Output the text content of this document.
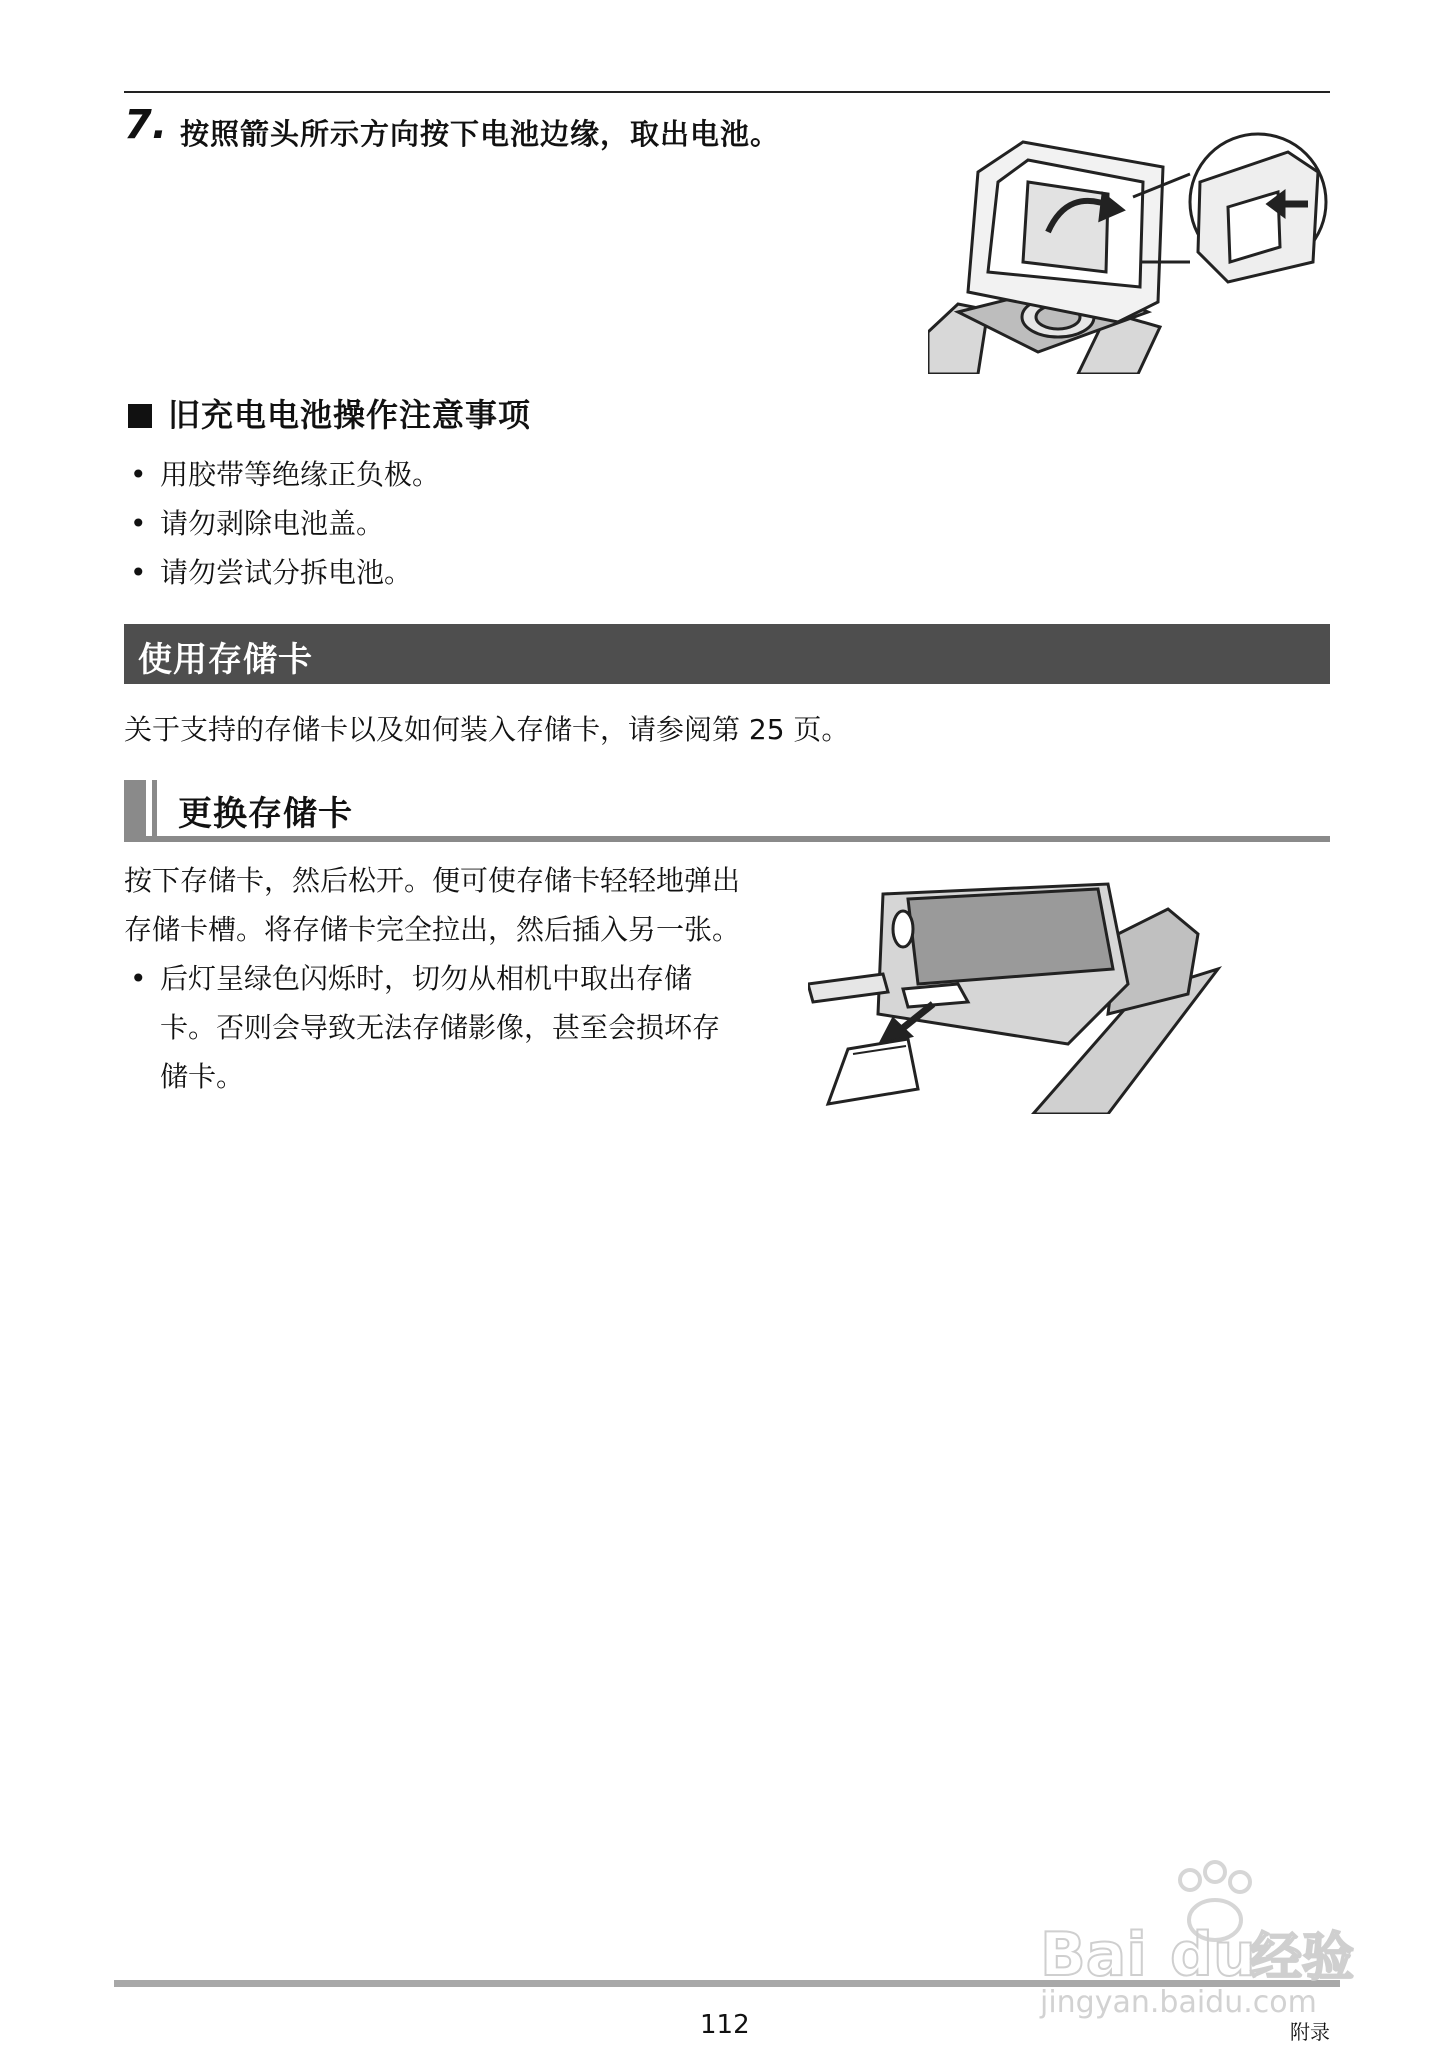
7. 按照箭头所示方向按下电池边缘，取出电池。
旧充电电池操作注意事项
• 用胶带等绝缘正负极。
• 请勿剥除电池盖。
• 请勿尝试分拆电池。
使用存储卡
关于支持的存储卡以及如何装入存储卡，请参阅第 25 页。
更换存储卡

按下存储卡，然后松开。便可使存储卡轻轻地弹出存储卡槽。将存储卡完全拉出，然后插入另一张。

• 后灯呈绿色闪烁时，切勿从相机中取出存储卡。否则会导致无法存储影像，甚至会损坏存储卡。

112	附录
Bai du
经验
jingyan.baidu.com
